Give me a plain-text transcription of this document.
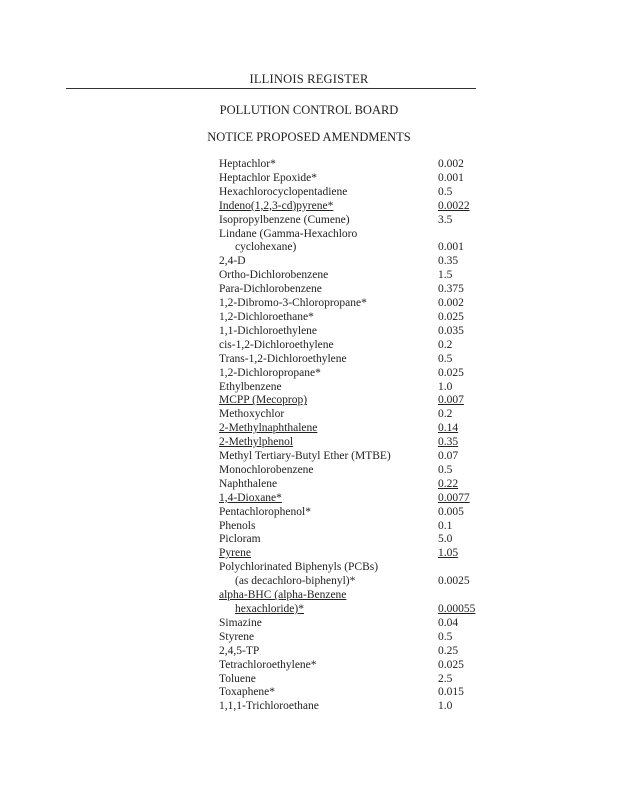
ILLINOIS REGISTER
POLLUTION CONTROL BOARD
NOTICE PROPOSED AMENDMENTS
Heptachlor*	0.002
Heptachlor Epoxide*	0.001
Hexachlorocyclopentadiene	0.5
Indeno(1,2,3-cd)pyrene*	0.0022
Isopropylbenzene (Cumene)	3.5
Lindane (Gamma-Hexachloro
cyclohexane)	0.001
2,4-D	0.35
Ortho-Dichlorobenzene	1.5
Para-Dichlorobenzene	0.375
1,2-Dibromo-3-Chloropropane*	0.002
1,2-Dichloroethane*	0.025
1,1-Dichloroethylene	0.035
cis-1,2-Dichloroethylene	0.2
Trans-1,2-Dichloroethylene	0.5
1,2-Dichloropropane*	0.025
Ethylbenzene	1.0
MCPP (Mecoprop)	0.007
Methoxychlor	0.2
2-Methylnaphthalene	0.14
2-Methylphenol	0.35
Methyl Tertiary-Butyl Ether (MTBE)	0.07
Monochlorobenzene	0.5
Naphthalene	0.22
1,4-Dioxane*	0.0077
Pentachlorophenol*	0.005
Phenols	0.1
Picloram	5.0
Pyrene	1.05
Polychlorinated Biphenyls (PCBs)
(as decachloro-biphenyl)*	0.0025
alpha-BHC (alpha-Benzene
hexachloride)*	0.00055
Simazine	0.04
Styrene	0.5
2,4,5-TP	0.25
Tetrachloroethylene*	0.025
Toluene	2.5
Toxaphene*	0.015
1,1,1-Trichloroethane	1.0
